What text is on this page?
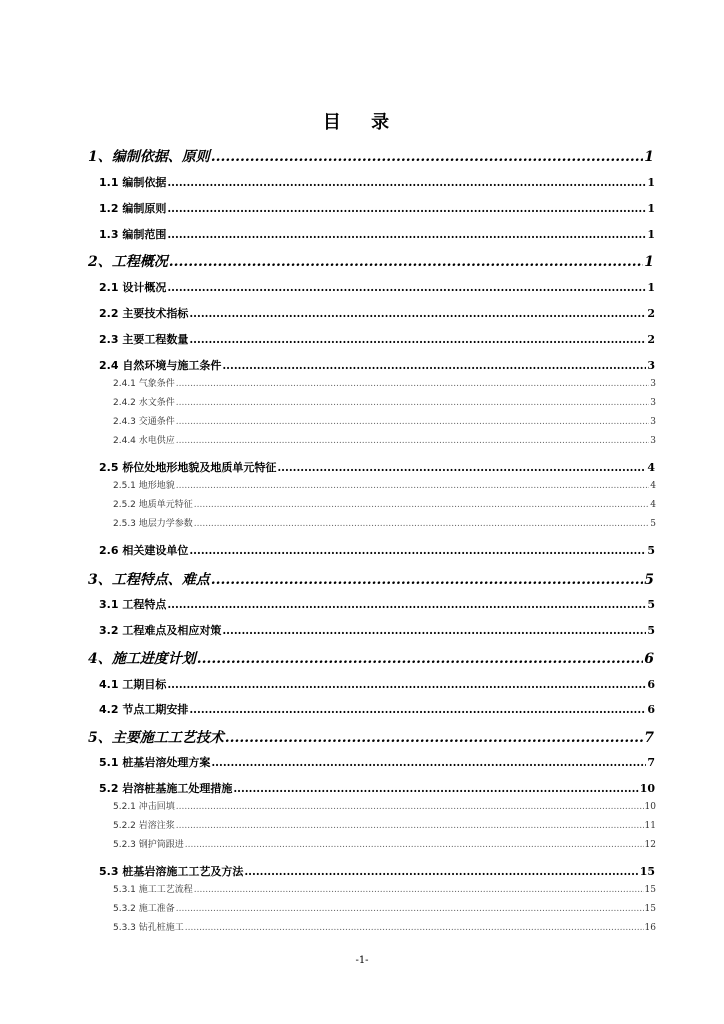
目 录
1、编制依据、原则 .....	1
1.1 编制依据 .....	1
1.2 编制原则 .....	1
1.3 编制范围 .....	1
2、工程概况 .....	1
2.1 设计概况 .....	1
2.2 主要技术指标 .....	2
2.3 主要工程数量 .....	2
2.4 自然环境与施工条件 .....	3
2.4.1 气象条件 .....	3
2.4.2 水文条件 .....	3
2.4.3 交通条件 .....	3
2.4.4 水电供应 .....	3
2.5 桥位处地形地貌及地质单元特征 .....	4
2.5.1 地形地貌 .....	4
2.5.2 地质单元特征 .....	4
2.5.3 地层力学参数 .....	5
2.6 相关建设单位 .....	5
3、工程特点、难点 .....	5
3.1 工程特点 .....	5
3.2 工程难点及相应对策 .....	5
4、施工进度计划 .....	6
4.1 工期目标 .....	6
4.2 节点工期安排 .....	6
5、主要施工工艺技术 .....	7
5.1 桩基岩溶处理方案 .....	7
5.2 岩溶桩基施工处理措施 .....	10
5.2.1 冲击回填 .....	10
5.2.2 岩溶注浆 .....	11
5.2.3 钢护筒跟进 .....	12
5.3 桩基岩溶施工工艺及方法 .....	15
5.3.1 施工工艺流程 .....	15
5.3.2 施工准备 .....	15
5.3.3 钻孔桩施工 .....	16
-1-
